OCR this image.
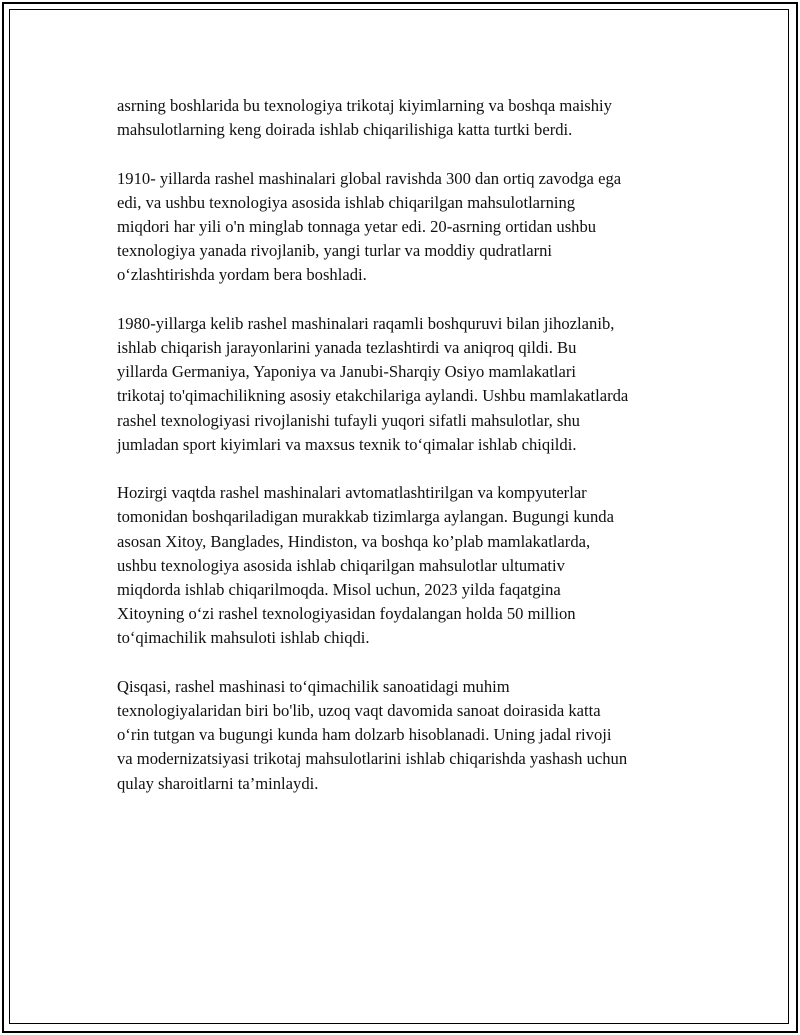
asrning boshlarida bu texnologiya trikotaj kiyimlarning va boshqa maishiy
mahsulotlarning keng doirada ishlab chiqarilishiga katta turtki berdi.

1910- yillarda rashel mashinalari global ravishda 300 dan ortiq zavodga ega
edi, va ushbu texnologiya asosida ishlab chiqarilgan mahsulotlarning
miqdori har yili o'n minglab tonnaga yetar edi. 20-asrning ortidan ushbu
texnologiya yanada rivojlanib, yangi turlar va moddiy qudratlarni
o‘zlashtirishda yordam bera boshladi.

1980-yillarga kelib rashel mashinalari raqamli boshquruvi bilan jihozlanib,
ishlab chiqarish jarayonlarini yanada tezlashtirdi va aniqroq qildi. Bu
yillarda Germaniya, Yaponiya va Janubi-Sharqiy Osiyo mamlakatlari
trikotaj to'qimachilikning asosiy etakchilariga aylandi. Ushbu mamlakatlarda
rashel texnologiyasi rivojlanishi tufayli yuqori sifatli mahsulotlar, shu
jumladan sport kiyimlari va maxsus texnik to‘qimalar ishlab chiqildi.

Hozirgi vaqtda rashel mashinalari avtomatlashtirilgan va kompyuterlar
tomonidan boshqariladigan murakkab tizimlarga aylangan. Bugungi kunda
asosan Xitoy, Banglades, Hindiston, va boshqa ko’plab mamlakatlarda,
ushbu texnologiya asosida ishlab chiqarilgan mahsulotlar ultumativ
miqdorda ishlab chiqarilmoqda. Misol uchun, 2023 yilda faqatgina
Xitoyning o‘zi rashel texnologiyasidan foydalangan holda 50 million
to‘qimachilik mahsuloti ishlab chiqdi.

Qisqasi, rashel mashinasi to‘qimachilik sanoatidagi muhim
texnologiyalaridan biri bo'lib, uzoq vaqt davomida sanoat doirasida katta
o‘rin tutgan va bugungi kunda ham dolzarb hisoblanadi. Uning jadal rivoji
va modernizatsiyasi trikotaj mahsulotlarini ishlab chiqarishda yashash uchun
qulay sharoitlarni ta’minlaydi.
